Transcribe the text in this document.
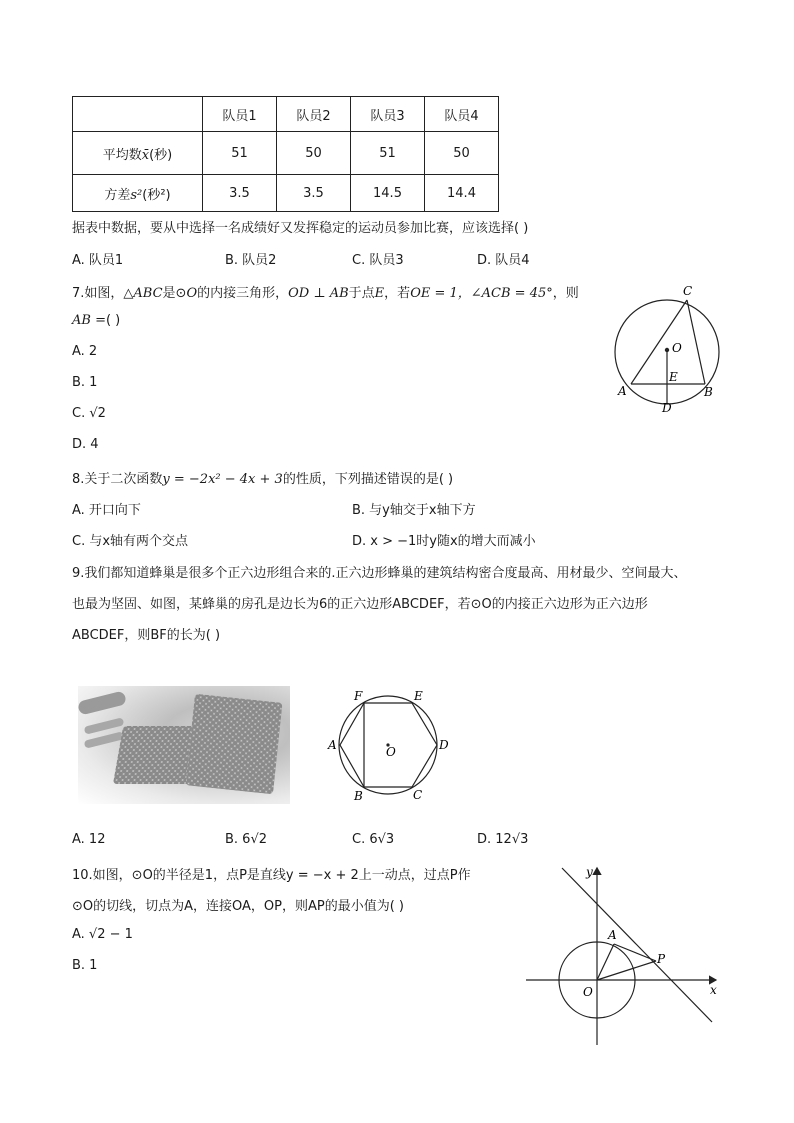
	队员1	队员2	队员3	队员4
平均数x̄(秒)	51	50	51	50
方差s²(秒²)	3.5	3.5	14.5	14.4
据表中数据，要从中选择一名成绩好又发挥稳定的运动员参加比赛，应该选择( )
A. 队员1	B. 队员2	C. 队员3	D. 队员4
7.如图，△ABC是⊙O的内接三角形，OD ⊥ AB于点E，若OE = 1，∠ACB = 45°，则
AB =( )
A. 2
B. 1
C. √2
D. 4
C
O
E
A	B
D
8.关于二次函数y = −2x² − 4x + 3的性质，下列描述错误的是( )
A. 开口向下	B. 与y轴交于x轴下方
C. 与x轴有两个交点	D. x > −1时y随x的增大而减小
9.我们都知道蜂巢是很多个正六边形组合来的.正六边形蜂巢的建筑结构密合度最高、用材最少、空间最大、
也最为坚固、如图，某蜂巢的房孔是边长为6的正六边形ABCDEF，若⊙O的内接正六边形为正六边形
ABCDEF，则BF的长为( )
F	E
A	D
O
B	C
A. 12	B. 6√2	C. 6√3	D. 12√3
10.如图，⊙O的半径是1，点P是直线y = −x + 2上一动点，过点P作
⊙O的切线，切点为A，连接OA，OP，则AP的最小值为( )
A. √2 − 1
B. 1
y
x
A
P
O
